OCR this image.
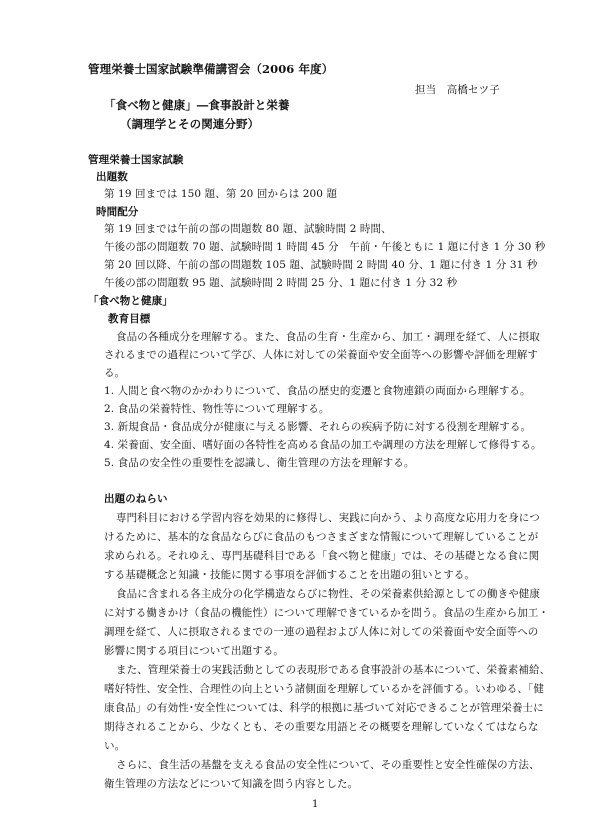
管理栄養士国家試験準備講習会（2006 年度）
担当　高橋セツ子
「食べ物と健康」―食事設計と栄養
（調理学とその関連分野）
管理栄養士国家試験
出題数
第 19 回までは 150 題、第 20 回からは 200 題
時間配分
第 19 回までは午前の部の問題数 80 題、試験時間 2 時間、
午後の部の問題数 70 題、試験時間 1 時間 45 分　午前・午後ともに 1 題に付き 1 分 30 秒
第 20 回以降、午前の部の問題数 105 題、試験時間 2 時間 40 分、1 題に付き 1 分 31 秒
午後の部の問題数 95 題、試験時間 2 時間 25 分、1 題に付き 1 分 32 秒
「食べ物と健康」
教育目標
食品の各種成分を理解する。また、食品の生育・生産から、加工・調理を経て、人に摂取
されるまでの過程について学び、人体に対しての栄養面や安全面等への影響や評価を理解す
る。
1. 人間と食べ物のかかわりについて、食品の歴史的変遷と食物連鎖の両面から理解する。
2. 食品の栄養特性、物性等について理解する。
3. 新規食品・食品成分が健康に与える影響、それらの疾病予防に対する役割を理解する。
4. 栄養面、安全面、嗜好面の各特性を高める食品の加工や調理の方法を理解して修得する。
5. 食品の安全性の重要性を認識し、衛生管理の方法を理解する。
出題のねらい
専門科目における学習内容を効果的に修得し、実践に向かう、より高度な応用力を身につ
けるために、基本的な食品ならびに食品のもつさまざまな情報について理解していることが
求められる。それゆえ、専門基礎科目である「食べ物と健康」では、その基礎となる食に関
する基礎概念と知識・技能に関する事項を評価することを出題の狙いとする。
食品に含まれる各主成分の化学構造ならびに物性、その栄養素供給源としての働きや健康
に対する働きかけ（食品の機能性）について理解できているかを問う。食品の生産から加工・
調理を経て、人に摂取されるまでの一連の過程および人体に対しての栄養面や安全面等への
影響に関する項目について出題する。
また、管理栄養士の実践活動としての表現形である食事設計の基本について、栄養素補給、
嗜好特性、安全性、合理性の向上という諸側面を理解しているかを評価する。いわゆる、「健
康食品」の有効性･安全性については、科学的根拠に基づいて対応できることが管理栄養士に
期待されることから、少なくとも、その重要な用語とその概要を理解していなくてはならな
い。
さらに、食生活の基盤を支える食品の安全性について、その重要性と安全性確保の方法、
衛生管理の方法などについて知識を問う内容とした。
1
